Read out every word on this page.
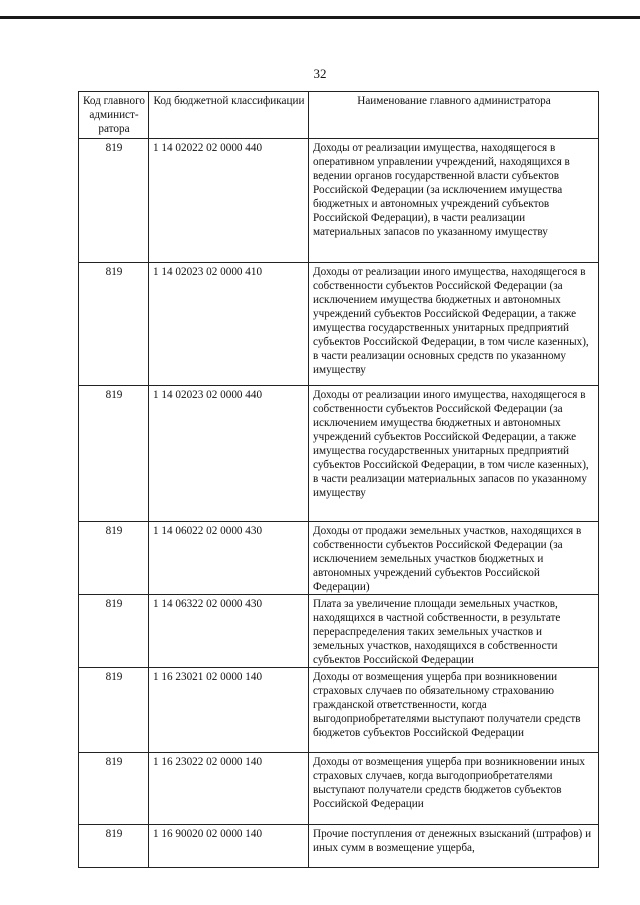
32
Код главного админист-ратора	Код бюджетной классификации	Наименование главного администратора
819	1 14 02022 02 0000 440	Доходы от реализации имущества, находящегося в оперативном управлении учреждений, находящихся в ведении органов государственной власти субъектов Российской Федерации (за исключением имущества бюджетных и автономных учреждений субъектов Российской Федерации), в части реализации материальных запасов по указанному имуществу
819	1 14 02023 02 0000 410	Доходы от реализации иного имущества, находящегося в собственности субъектов Российской Федерации (за исключением имущества бюджетных и автономных учреждений субъектов Российской Федерации, а также имущества государственных унитарных предприятий субъектов Российской Федерации, в том числе казенных), в части реализации основных средств по указанному имуществу
819	1 14 02023 02 0000 440	Доходы от реализации иного имущества, находящегося в собственности субъектов Российской Федерации (за исключением имущества бюджетных и автономных учреждений субъектов Российской Федерации, а также имущества государственных унитарных предприятий субъектов Российской Федерации, в том числе казенных), в части реализации материальных запасов по указанному имуществу
819	1 14 06022 02 0000 430	Доходы от продажи земельных участков, находящихся в собственности субъектов Российской Федерации (за исключением земельных участков бюджетных и автономных учреждений субъектов Российской Федерации)
819	1 14 06322 02 0000 430	Плата за увеличение площади земельных участков, находящихся в частной собственности, в результате перераспределения таких земельных участков и земельных участков, находящихся в собственности субъектов Российской Федерации
819	1 16 23021 02 0000 140	Доходы от возмещения ущерба при возникновении страховых случаев по обязательному страхованию гражданской ответственности, когда выгодоприобретателями выступают получатели средств бюджетов субъектов Российской Федерации
819	1 16 23022 02 0000 140	Доходы от возмещения ущерба при возникновении иных страховых случаев, когда выгодоприобретателями выступают получатели средств бюджетов субъектов Российской Федерации
819	1 16 90020 02 0000 140	Прочие поступления от денежных взысканий (штрафов) и иных сумм в возмещение ущерба,
